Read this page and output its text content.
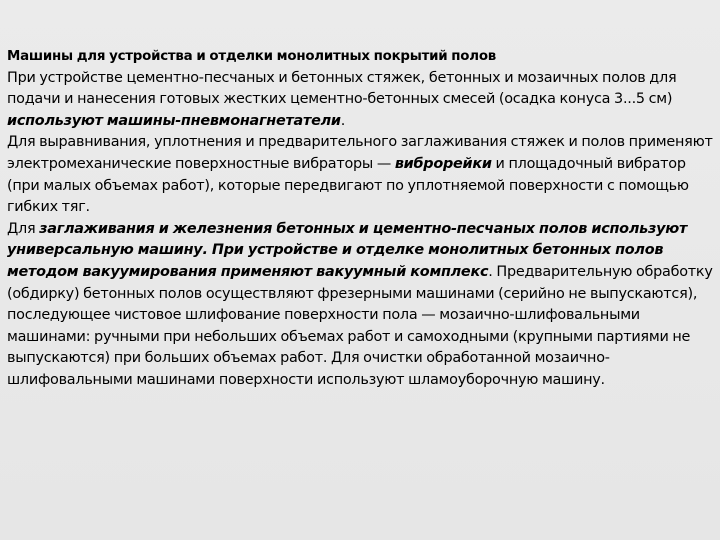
Машины для устройства и отделки монолитных покрытий полов

При устройстве цементно-песчаных и бетонных стяжек, бетонных и мозаичных полов для подачи и нанесения готовых жестких цементно-бетонных смесей (осадка конуса 3...5 см) используют машины-пневмонагнетатели.

Для выравнивания, уплотнения и предварительного заглаживания стяжек и полов применяют электромеханические поверхностные вибраторы — виброрейки и площадочный вибратор (при малых объемах работ), которые передвигают по уплотняемой поверхности с помощью гибких тяг.

Для заглаживания и железнения бетонных и цементно-песчаных полов используют универсальную машину. При устройстве и отделке монолитных бетонных полов методом вакуумирования применяют вакуумный комплекс. Предварительную обработку (обдирку) бетонных полов осуществляют фрезерными машинами (серийно не выпускаются), последующее чистовое шлифование поверхности пола — мозаично-шлифовальными машинами: ручными при небольших объемах работ и самоходными (крупными партиями не выпускаются) при больших объемах работ. Для очистки обработанной мозаично-шлифовальными машинами поверхности используют шламоуборочную машину.
